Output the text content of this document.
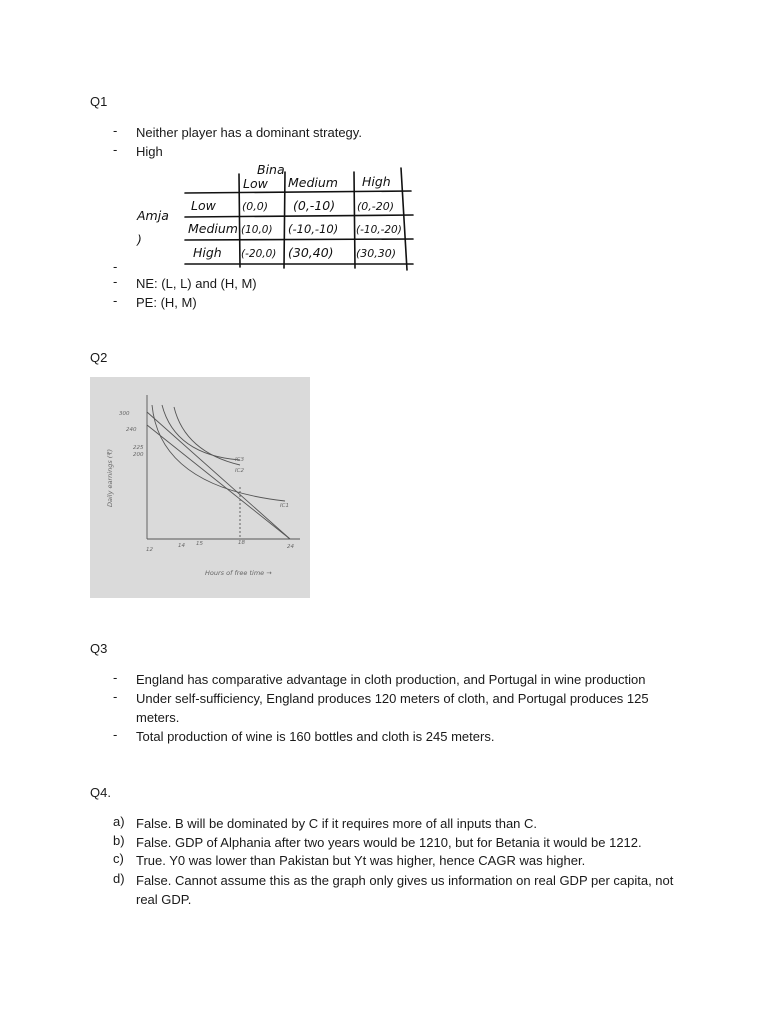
Q1
- Neither player has a dominant strategy.
- High
Bina
Amja
)
Low Medium High
Low
Medium
High
(0,0) (0,-10) (0,-20)
(10,0) (-10,-10) (-10,-20)
(-20,0) (30,40) (30,30)
-
- NE: (L, L) and (H, M)
- PE: (H, M)
Q2
300
240
225
200
12
14 15	18
24
IC3
IC2
IC1
Hours of free time →
Daily earnings (₹)
Q3
- England has comparative advantage in cloth production, and Portugal in wine production
- Under self-sufficiency, England produces 120 meters of cloth, and Portugal produces 125 meters.
- Total production of wine is 160 bottles and cloth is 245 meters.
Q4.
a) False. B will be dominated by C if it requires more of all inputs than C.
b) False. GDP of Alphania after two years would be 1210, but for Betania it would be 1212.
c) True. Y0 was lower than Pakistan but Yt was higher, hence CAGR was higher.
d) False. Cannot assume this as the graph only gives us information on real GDP per capita, not real GDP.
